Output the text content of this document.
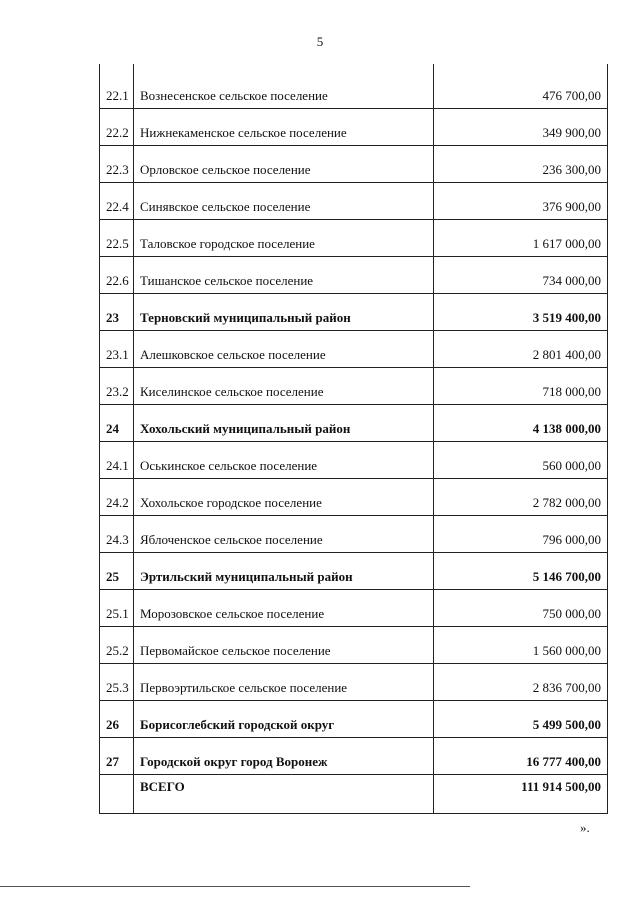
5

22.1	Вознесенское сельское поселение	476 700,00
22.2	Нижнекаменское сельское поселение	349 900,00
22.3	Орловское сельское поселение	236 300,00
22.4	Синявское сельское поселение	376 900,00
22.5	Таловское городское поселение	1 617 000,00
22.6	Тишанское сельское поселение	734 000,00
23	Терновский муниципальный район	3 519 400,00
23.1	Алешковское сельское поселение	2 801 400,00
23.2	Киселинское сельское поселение	718 000,00
24	Хохольский муниципальный район	4 138 000,00
24.1	Оськинское сельское поселение	560 000,00
24.2	Хохольское городское поселение	2 782 000,00
24.3	Яблоченское сельское поселение	796 000,00
25	Эртильский муниципальный район	5 146 700,00
25.1	Морозовское сельское поселение	750 000,00
25.2	Первомайское сельское поселение	1 560 000,00
25.3	Первоэртильское сельское поселение	2 836 700,00
26	Борисоглебский городской округ	5 499 500,00
27	Городской округ город Воронеж	16 777 400,00
	ВСЕГО	111 914 500,00
».
